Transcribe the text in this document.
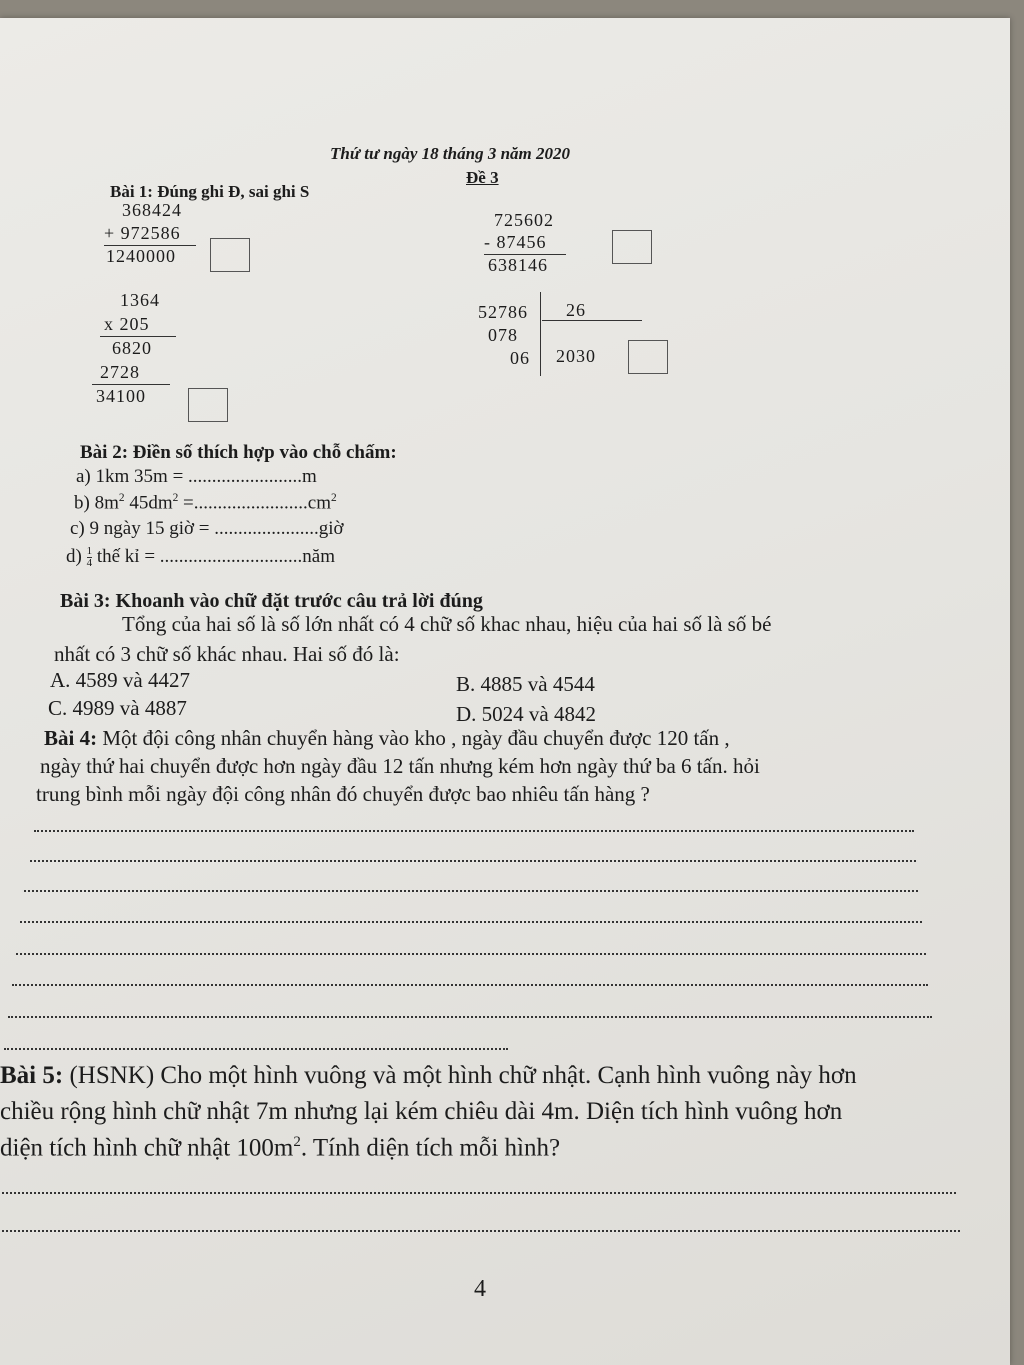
Thứ tư ngày 18 tháng 3 năm 2020
Đề 3
Bài 1: Đúng ghi Đ, sai ghi S
368424
+ 972586
1240000
725602
- 87456
638146
1364
x 205
6820
2728
34100
52786 26
078
06 2030
Bài 2: Điền số thích hợp vào chỗ chấm:
a) 1km 35m = ........................m
b) $8m^2$ $45dm^2 =........................cm^2$
c) 9 ngày 15 giờ = ......................giờ
$d) \frac{1}{4}$ thế kỉ = ..............................năm
Bài 3: Khoanh vào chữ đặt trước câu trả lời đúng
Tổng của hai số là số lớn nhất có 4 chữ số khac nhau, hiệu của hai số là số bé
nhất có 3 chữ số khác nhau. Hai số đó là:
A. 4589 và 4427	B. 4885 và 4544
C. 4989 và 4887	D. 5024 và 4842
Bài 4: Một đội công nhân chuyển hàng vào kho , ngày đầu chuyển được 120 tấn ,
ngày thứ hai chuyển được hơn ngày đầu 12 tấn nhưng kém hơn ngày thứ ba 6 tấn. hỏi
trung bình mỗi ngày đội công nhân đó chuyển được bao nhiêu tấn hàng ?
Bài 5: (HSNK) Cho một hình vuông và một hình chữ nhật. Cạnh hình vuông này hơn
chiều rộng hình chữ nhật 7m nhưng lại kém chiêu dài 4m. Diện tích hình vuông hơn
diện tích hình chữ nhật $100m^2$. Tính diện tích mỗi hình?
4
